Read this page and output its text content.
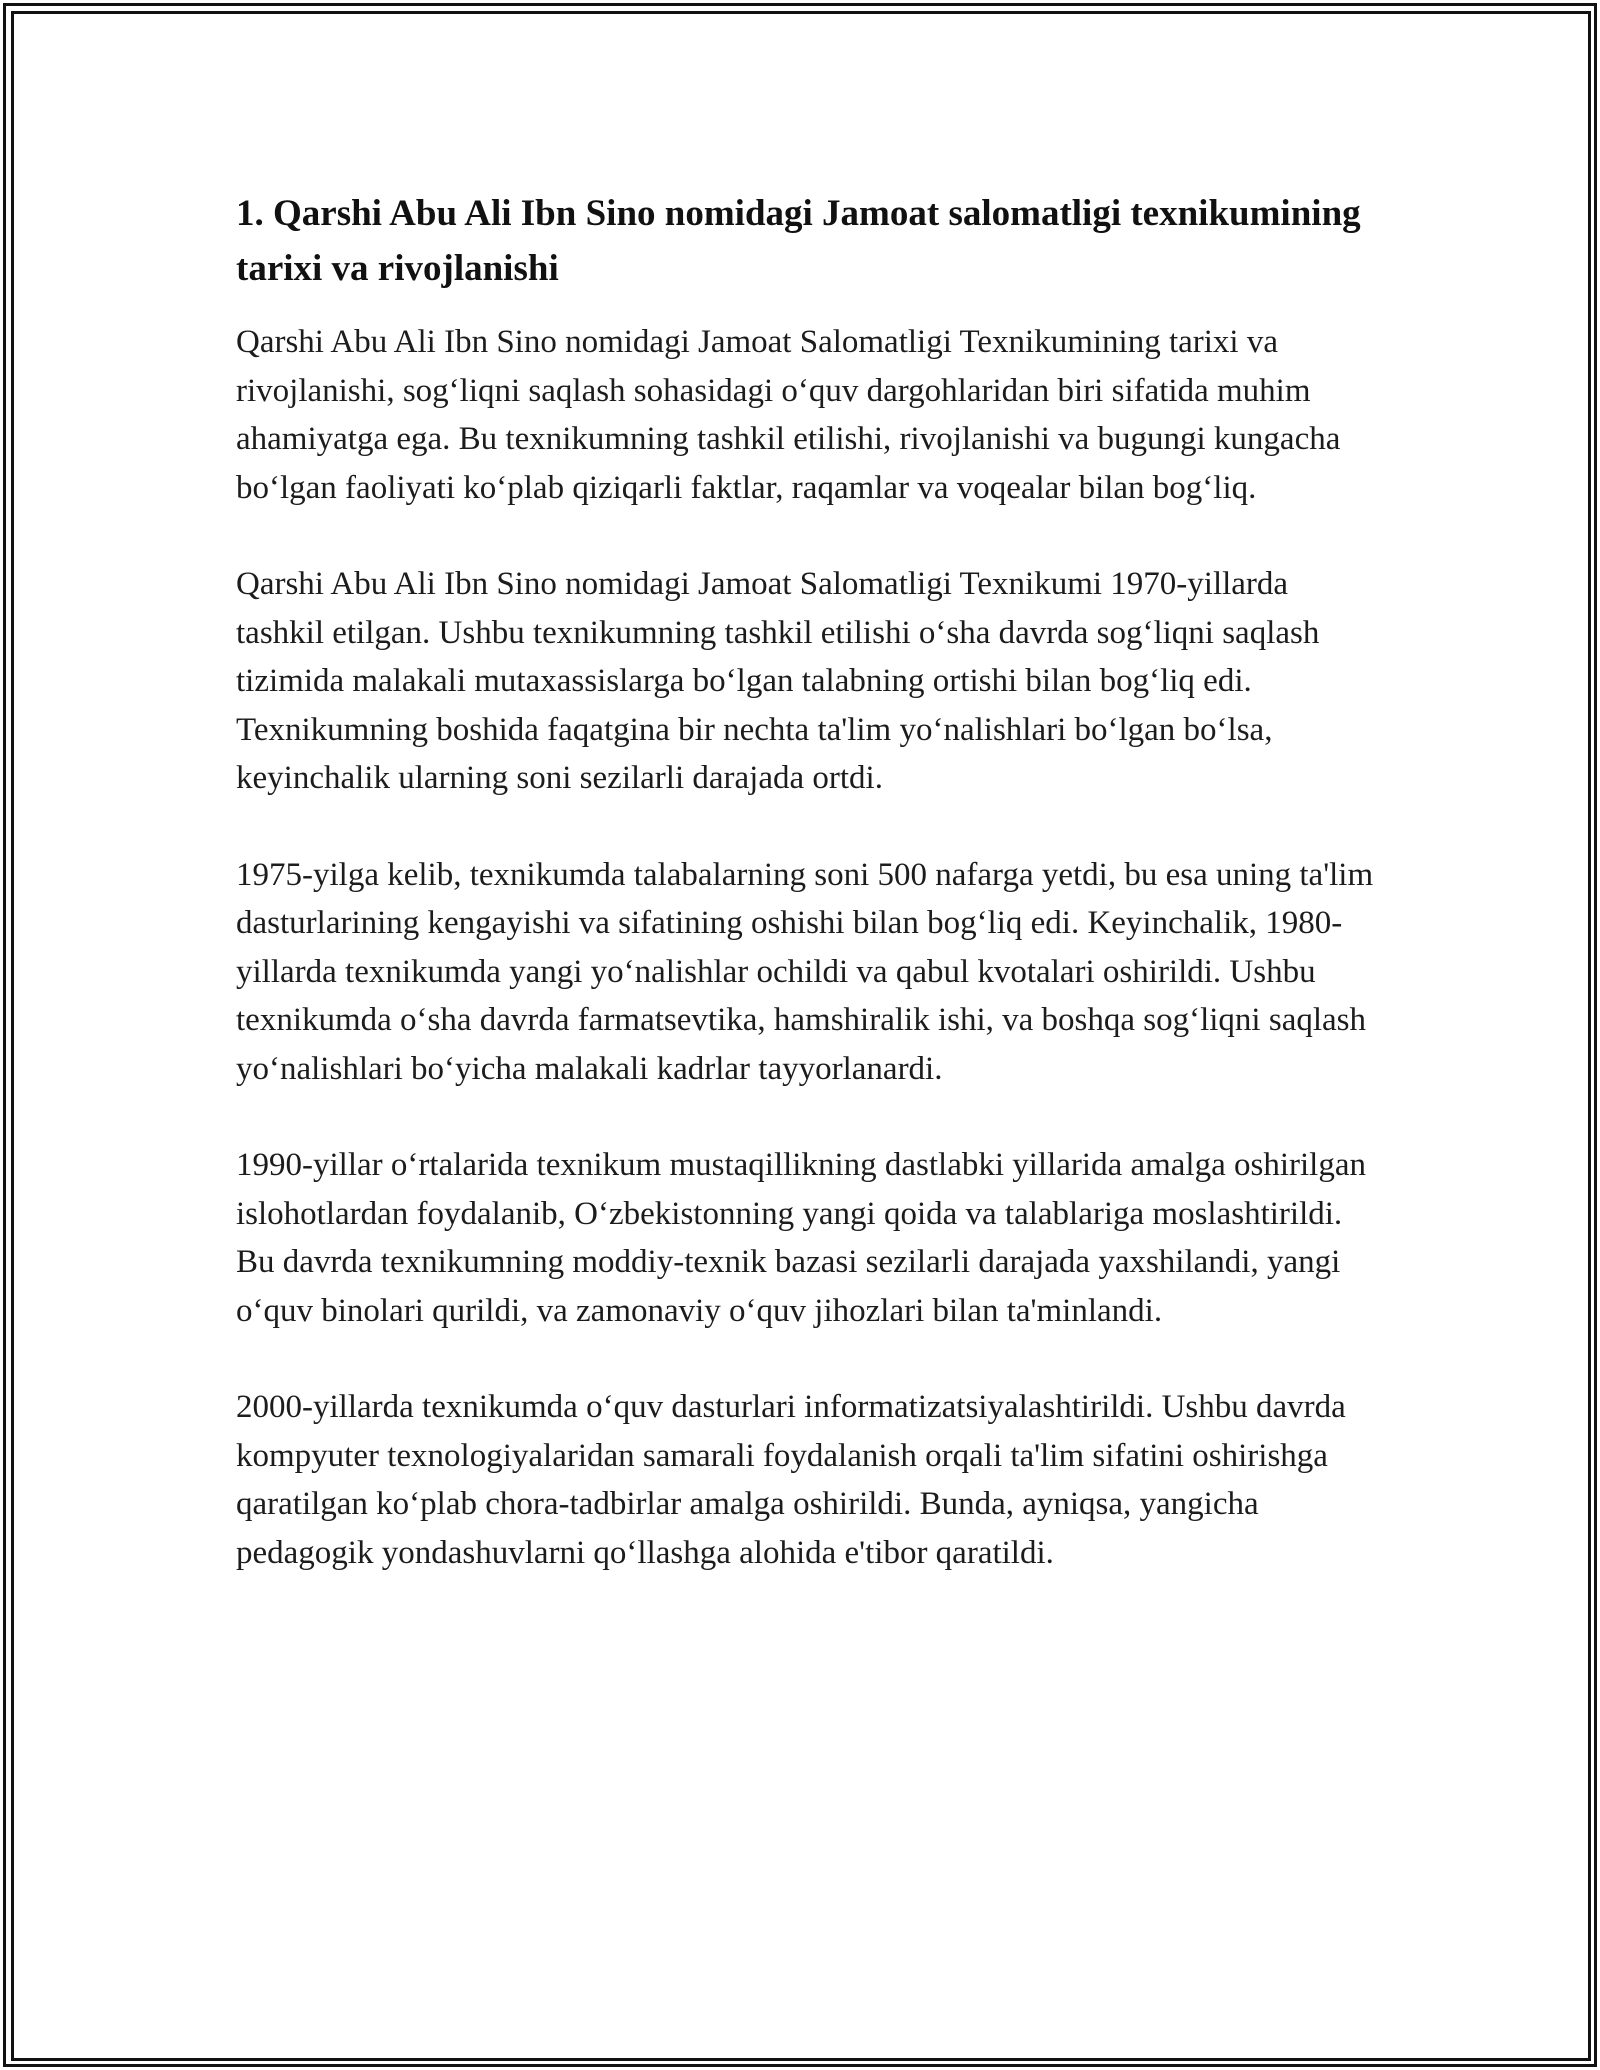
1. Qarshi Abu Ali Ibn Sino nomidagi Jamoat salomatligi texnikumining tarixi va rivojlanishi

Qarshi Abu Ali Ibn Sino nomidagi Jamoat Salomatligi Texnikumining tarixi va rivojlanishi, sog‘liqni saqlash sohasidagi o‘quv dargohlaridan biri sifatida muhim ahamiyatga ega. Bu texnikumning tashkil etilishi, rivojlanishi va bugungi kungacha bo‘lgan faoliyati ko‘plab qiziqarli faktlar, raqamlar va voqealar bilan bog‘liq.

Qarshi Abu Ali Ibn Sino nomidagi Jamoat Salomatligi Texnikumi 1970-yillarda tashkil etilgan. Ushbu texnikumning tashkil etilishi o‘sha davrda sog‘liqni saqlash tizimida malakali mutaxassislarga bo‘lgan talabning ortishi bilan bog‘liq edi. Texnikumning boshida faqatgina bir nechta ta'lim yo‘nalishlari bo‘lgan bo‘lsa, keyinchalik ularning soni sezilarli darajada ortdi.

1975-yilga kelib, texnikumda talabalarning soni 500 nafarga yetdi, bu esa uning ta'lim dasturlarining kengayishi va sifatining oshishi bilan bog‘liq edi. Keyinchalik, 1980-yillarda texnikumda yangi yo‘nalishlar ochildi va qabul kvotalari oshirildi. Ushbu texnikumda o‘sha davrda farmatsevtika, hamshiralik ishi, va boshqa sog‘liqni saqlash yo‘nalishlari bo‘yicha malakali kadrlar tayyorlanardi.

1990-yillar o‘rtalarida texnikum mustaqillikning dastlabki yillarida amalga oshirilgan islohotlardan foydalanib, O‘zbekistonning yangi qoida va talablariga moslashtirildi. Bu davrda texnikumning moddiy-texnik bazasi sezilarli darajada yaxshilandi, yangi o‘quv binolari qurildi, va zamonaviy o‘quv jihozlari bilan ta'minlandi.

2000-yillarda texnikumda o‘quv dasturlari informatizatsiyalashtirildi. Ushbu davrda kompyuter texnologiyalaridan samarali foydalanish orqali ta'lim sifatini oshirishga qaratilgan ko‘plab chora-tadbirlar amalga oshirildi. Bunda, ayniqsa, yangicha pedagogik yondashuvlarni qo‘llashga alohida e'tibor qaratildi.
